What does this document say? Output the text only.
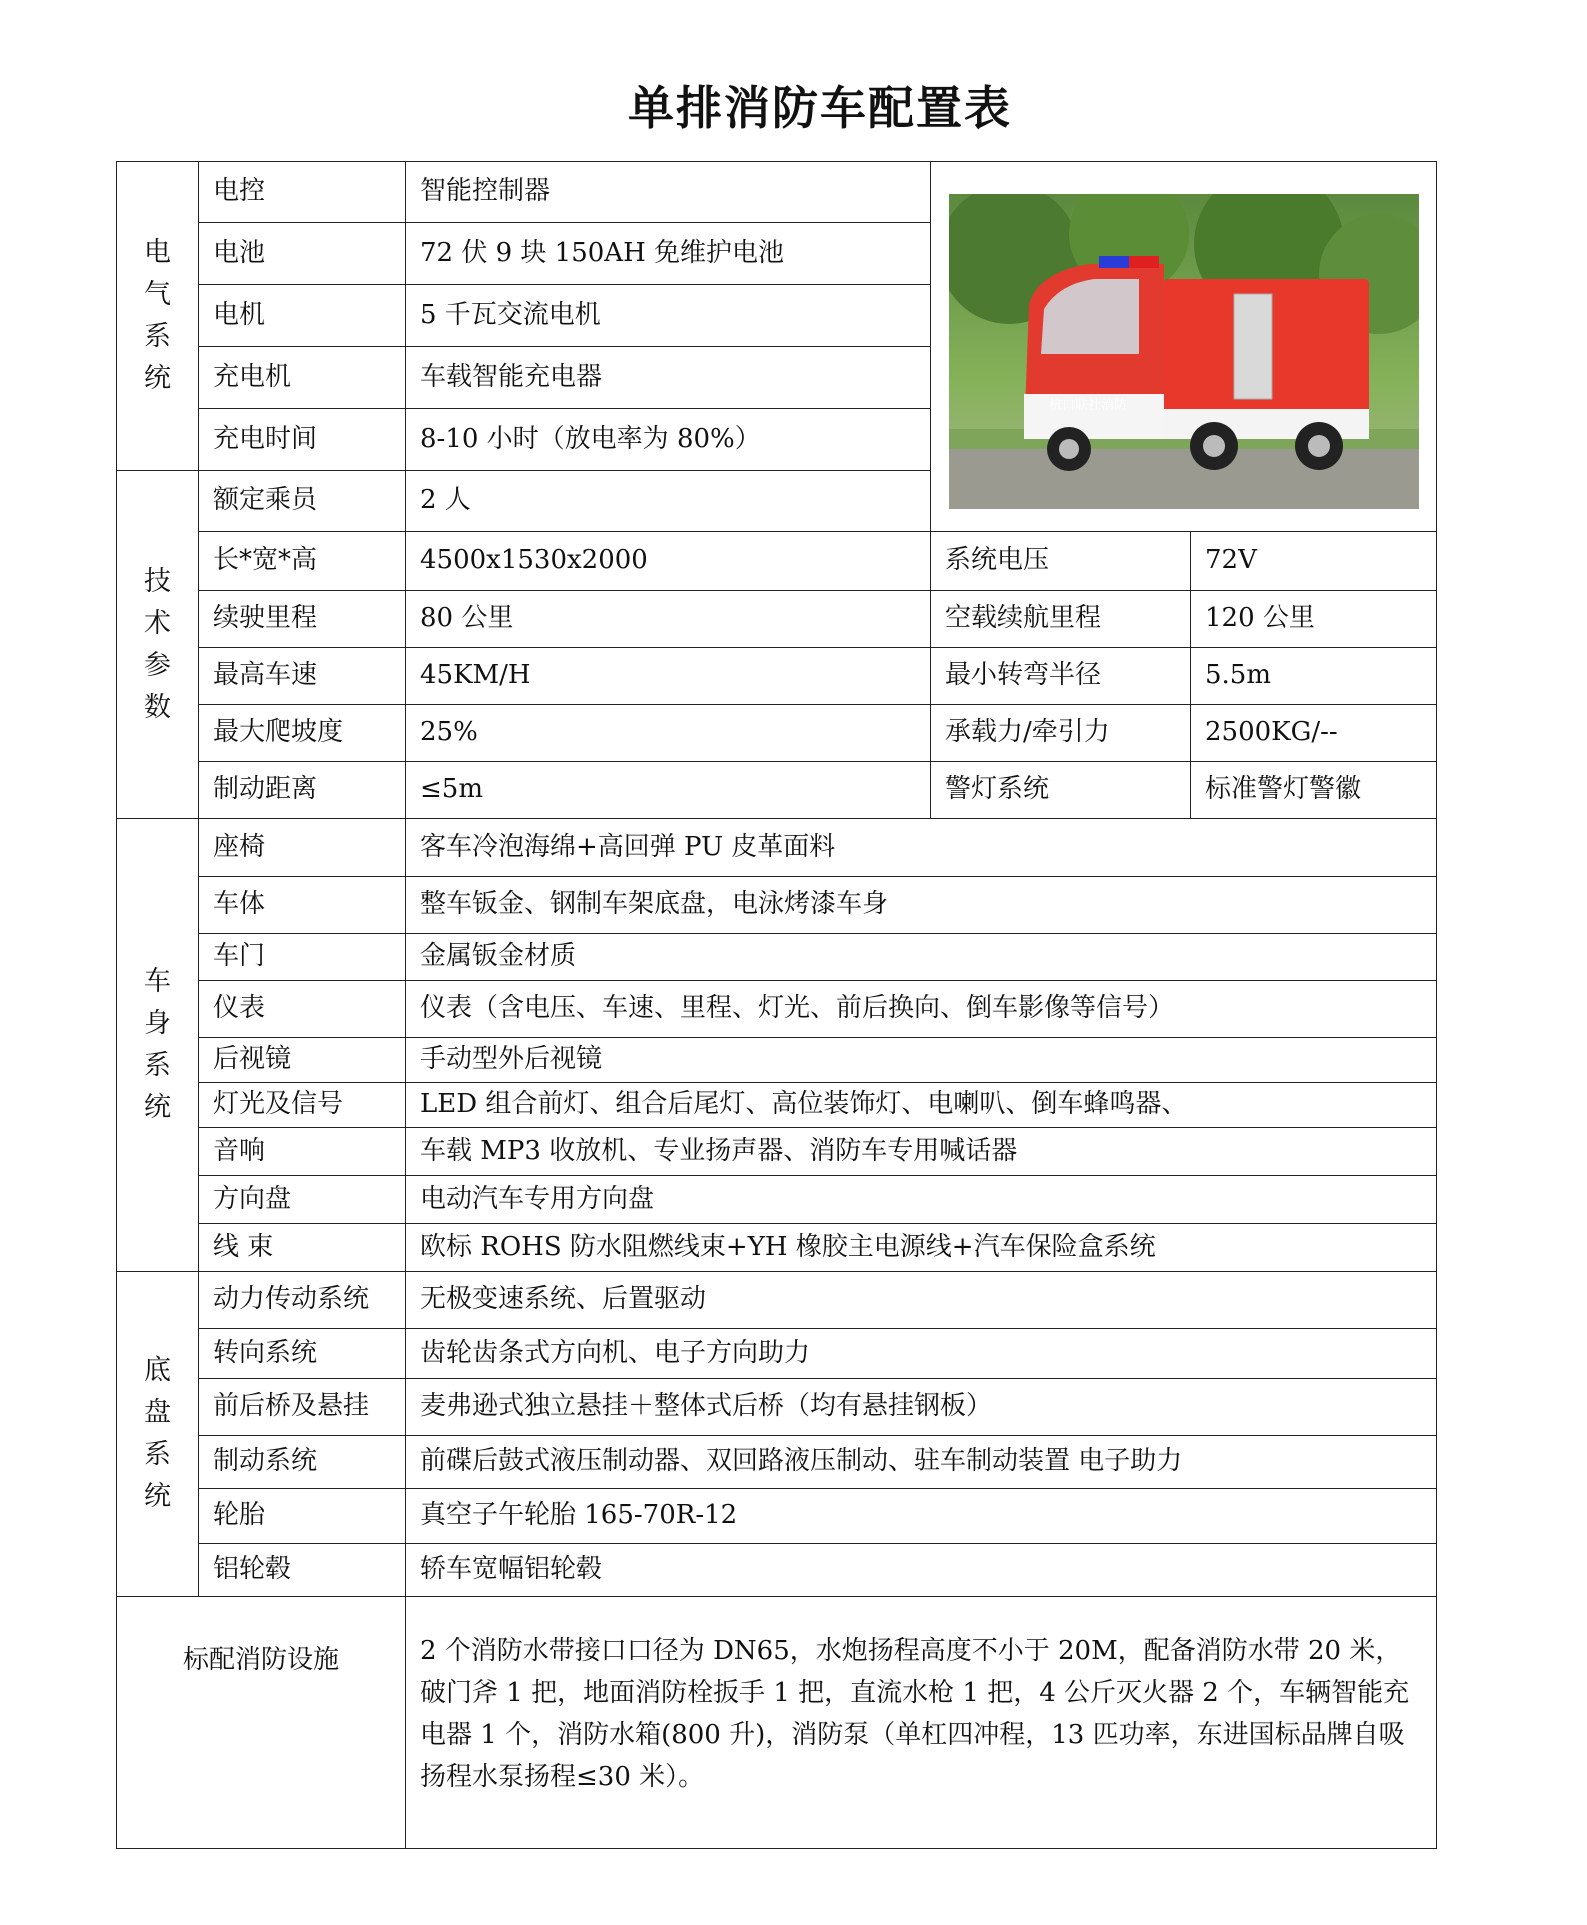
单排消防车配置表
电
气
系
统	电控	智能控制器	杭口联社消防	

	电池	72 伏 9 块 150AH 免维护电池		
	电机	5 千瓦交流电机		
	充电机	车载智能充电器		
	充电时间	8-10 小时（放电率为 80%）		

技
术
参
数	额定乘员	2 人		
	长*宽*高	4500x1530x2000	系统电压	72V
	续驶里程	80 公里	空载续航里程	120 公里
	最高车速	45KM/H	最小转弯半径	5.5m
	最大爬坡度	25%	承载力/牵引力	2500KG/--
	制动距离	≤5m	警灯系统	标准警灯警徽

车
身
系
统	座椅	客车冷泡海绵+高回弹 PU 皮革面料		
	车体	整车钣金、钢制车架底盘，电泳烤漆车身		
	车门	金属钣金材质		
	仪表	仪表（含电压、车速、里程、灯光、前后换向、倒车影像等信号）		
	后视镜	手动型外后视镜		
	灯光及信号	LED 组合前灯、组合后尾灯、高位装饰灯、电喇叭、倒车蜂鸣器、		
	音响	车载 MP3 收放机、专业扬声器、消防车专用喊话器		
	方向盘	电动汽车专用方向盘		
	线 束	欧标 ROHS 防水阻燃线束+YH 橡胶主电源线+汽车保险盒系统		

底
盘
系
统	动力传动系统	无极变速系统、后置驱动		
	转向系统	齿轮齿条式方向机、电子方向助力		
	前后桥及悬挂	麦弗逊式独立悬挂＋整体式后桥（均有悬挂钢板）		
	制动系统	前碟后鼓式液压制动器、双回路液压制动、驻车制动装置 电子助力		
	轮胎	真空子午轮胎 165-70R-12		
	铝轮毂	轿车宽幅铝轮毂		
标配消防设施		2 个消防水带接口口径为 DN65，水炮扬程高度不小于 20M，配备消防水带 20 米，破门斧 1 把，地面消防栓扳手 1 把，直流水枪 1 把，4 公斤灭火器 2 个，车辆智能充电器 1 个，消防水箱(800 升)，消防泵（单杠四冲程，13 匹功率，东进国标品牌自吸扬程水泵扬程≤30 米）。		
